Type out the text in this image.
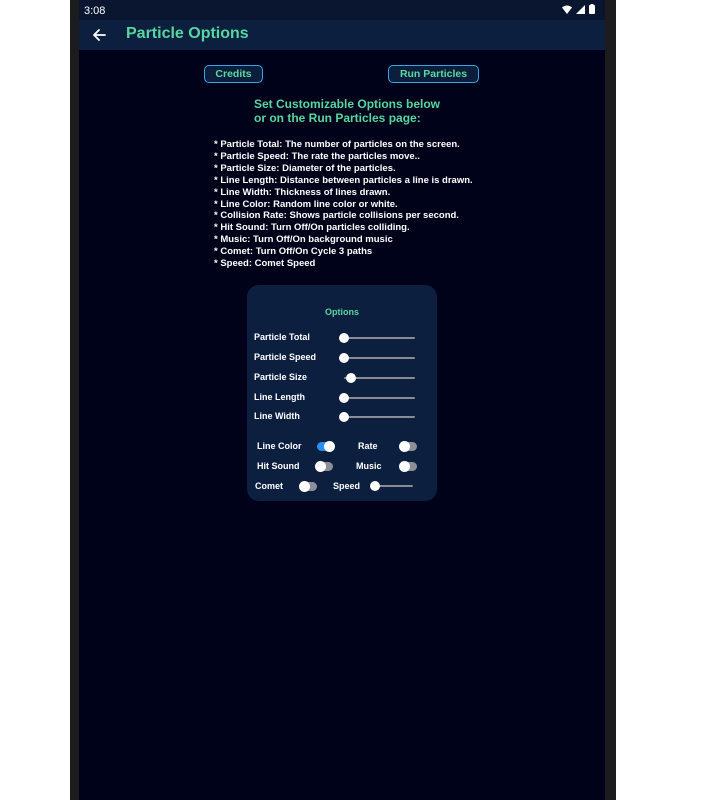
3:08
Particle Options
Credits	Run Particles
Set Customizable Options below
or on the Run Particles page:
* Particle Total: The number of particles on the screen.
* Particle Speed: The rate the particles move..
* Particle Size: Diameter of the particles.
* Line Length: Distance between particles a line is drawn.
* Line Width: Thickness of lines drawn.
* Line Color: Random line color or white.
* Collision Rate: Shows particle collisions per second.
* Hit Sound: Turn Off/On particles colliding.
* Music: Turn Off/On background music
* Comet: Turn Off/On Cycle 3 paths
* Speed: Comet Speed
Options
Particle Total
Particle Speed
Particle Size
Line Length
Line Width
Line Color	Rate
Hit Sound	Music
Comet	Speed
